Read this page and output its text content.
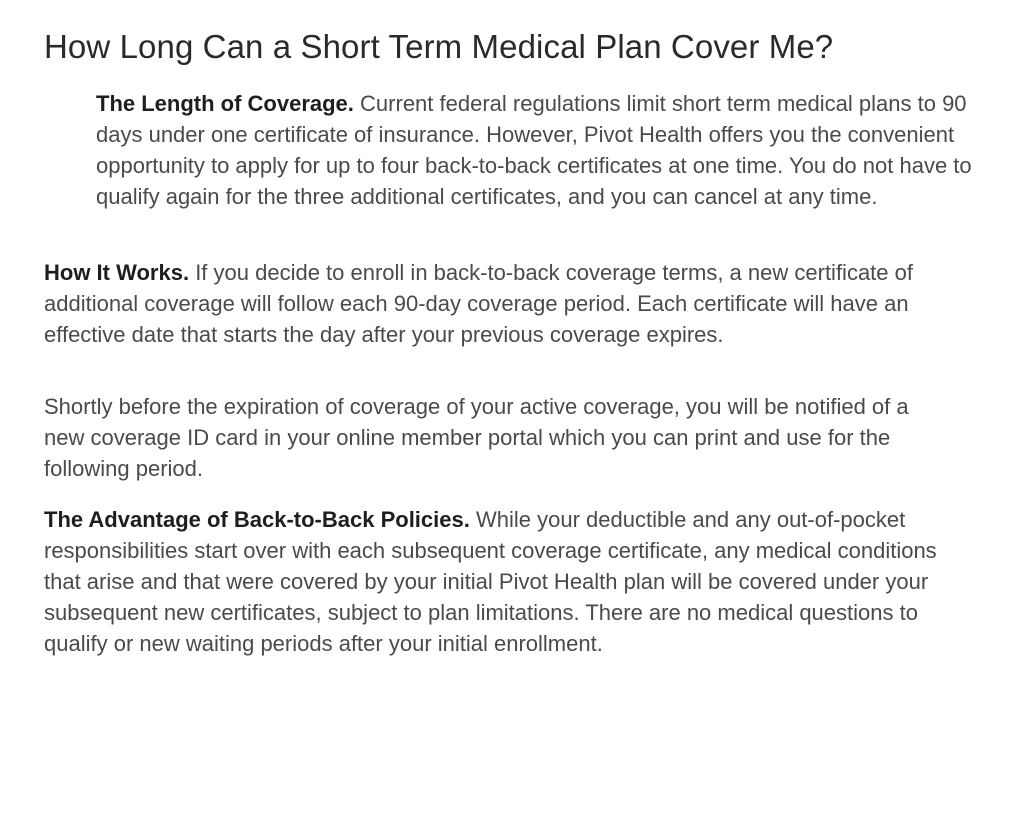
How Long Can a Short Term Medical Plan Cover Me?

The Length of Coverage. Current federal regulations limit short term medical plans to 90 days under one certificate of insurance. However, Pivot Health offers you the convenient opportunity to apply for up to four back-to-back certificates at one time. You do not have to qualify again for the three additional certificates, and you can cancel at any time.

How It Works. If you decide to enroll in back-to-back coverage terms, a new certificate of additional coverage will follow each 90-day coverage period. Each certificate will have an effective date that starts the day after your previous coverage expires.

Shortly before the expiration of coverage of your active coverage, you will be notified of a new coverage ID card in your online member portal which you can print and use for the following period.

The Advantage of Back-to-Back Policies. While your deductible and any out-of-pocket responsibilities start over with each subsequent coverage certificate, any medical conditions that arise and that were covered by your initial Pivot Health plan will be covered under your subsequent new certificates, subject to plan limitations. There are no medical questions to qualify or new waiting periods after your initial enrollment.
